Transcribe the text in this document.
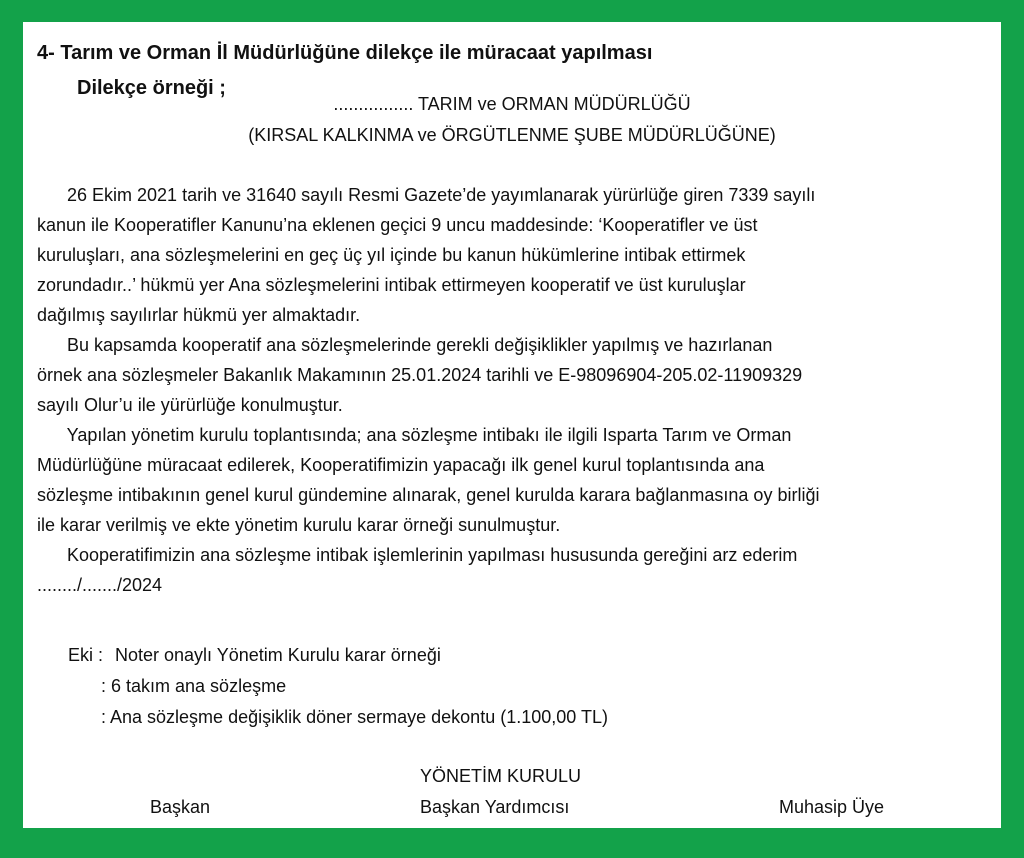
4- Tarım ve Orman İl Müdürlüğüne dilekçe ile müracaat yapılması
Dilekçe örneği ;
................ TARIM ve ORMAN MÜDÜRLÜĞÜ
(KIRSAL KALKINMA ve ÖRGÜTLENME ŞUBE MÜDÜRLÜĞÜNE)
26 Ekim 2021 tarih ve 31640 sayılı Resmi Gazete’de yayımlanarak yürürlüğe giren 7339 sayılı
kanun ile Kooperatifler Kanunu’na eklenen geçici 9 uncu maddesinde: ‘Kooperatifler ve üst
kuruluşları, ana sözleşmelerini en geç üç yıl içinde bu kanun hükümlerine intibak ettirmek
zorundadır..’ hükmü yer Ana sözleşmelerini intibak ettirmeyen kooperatif ve üst kuruluşlar
dağılmış sayılırlar hükmü yer almaktadır.
Bu kapsamda kooperatif ana sözleşmelerinde gerekli değişiklikler yapılmış ve hazırlanan
örnek ana sözleşmeler Bakanlık Makamının 25.01.2024 tarihli ve E-98096904-205.02-11909329
sayılı Olur’u ile yürürlüğe konulmuştur.
Yapılan yönetim kurulu toplantısında; ana sözleşme intibakı ile ilgili Isparta Tarım ve Orman
Müdürlüğüne müracaat edilerek, Kooperatifimizin yapacağı ilk genel kurul toplantısında ana
sözleşme intibakının genel kurul gündemine alınarak, genel kurulda karara bağlanmasına oy birliği
ile karar verilmiş ve ekte yönetim kurulu karar örneği sunulmuştur.
Kooperatifimizin ana sözleşme intibak işlemlerinin yapılması hususunda gereğini arz ederim
......../......./2024
Eki : Noter onaylı Yönetim Kurulu karar örneği
: 6 takım ana sözleşme
: Ana sözleşme değişiklik döner sermaye dekontu (1.100,00 TL)
YÖNETİM KURULU
Başkan	Başkan Yardımcısı	Muhasip Üye
